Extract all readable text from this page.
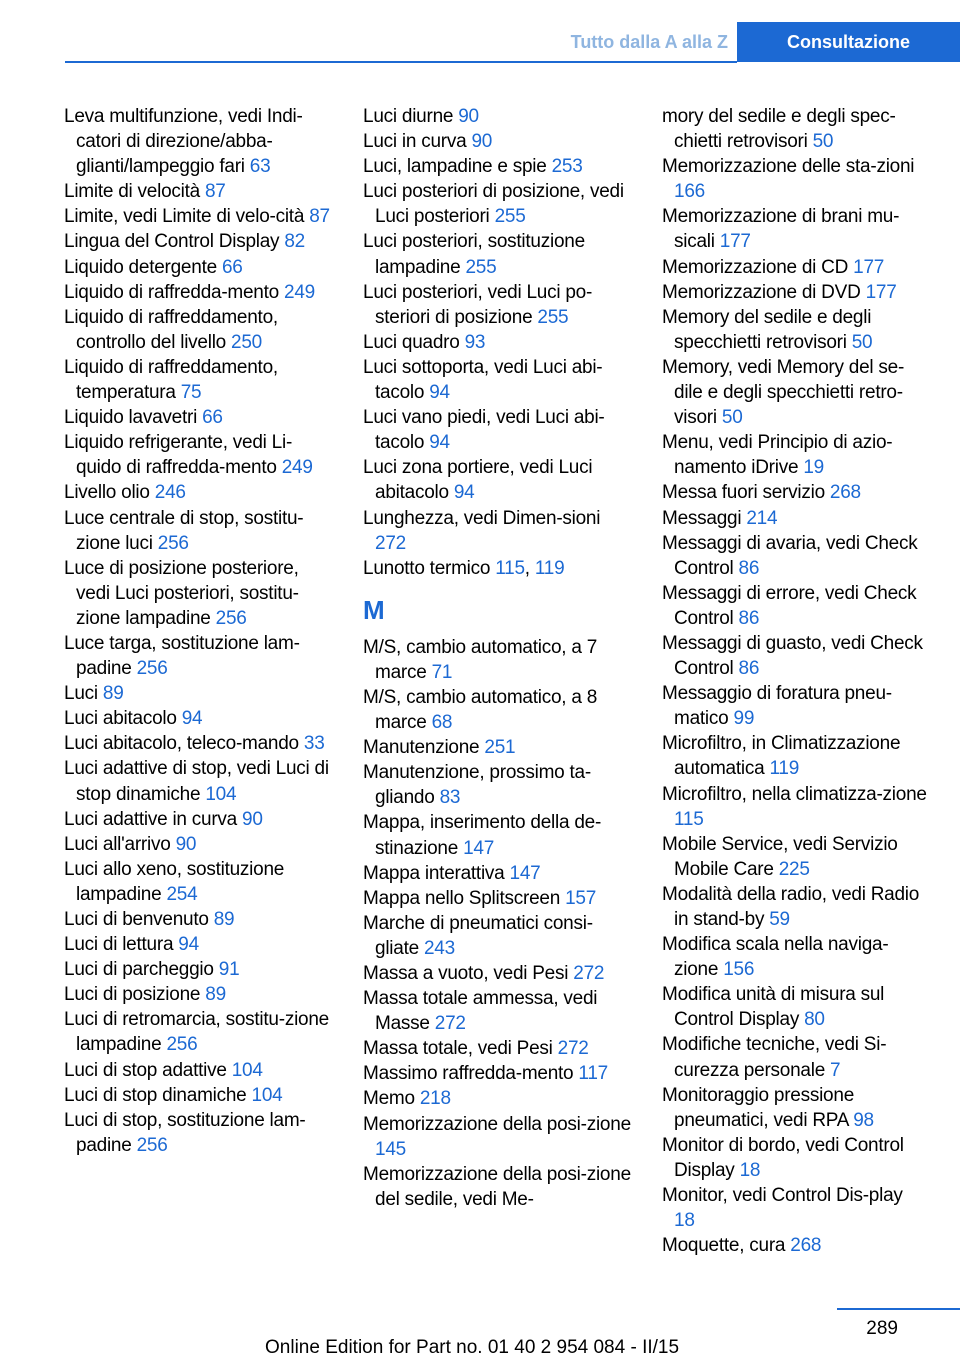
Tutto dalla A alla Z	Consultazione
Leva multifunzione, vedi Indi-catori di direzione/abba-glianti/lampeggio fari 63
Limite di velocità 87
Limite, vedi Limite di velo-cità 87
Lingua del Control Display 82
Liquido detergente 66
Liquido di raffredda-mento 249
Liquido di raffreddamento, controllo del livello 250
Liquido di raffreddamento, temperatura 75
Liquido lavavetri 66
Liquido refrigerante, vedi Li-quido di raffredda-mento 249
Livello olio 246
Luce centrale di stop, sostitu-zione luci 256
Luce di posizione posteriore, vedi Luci posteriori, sostitu-zione lampadine 256
Luce targa, sostituzione lam-padine 256
Luci 89
Luci abitacolo 94
Luci abitacolo, teleco-mando 33
Luci adattive di stop, vedi Luci di stop dinamiche 104
Luci adattive in curva 90
Luci all'arrivo 90
Luci allo xeno, sostituzione lampadine 254
Luci di benvenuto 89
Luci di lettura 94
Luci di parcheggio 91
Luci di posizione 89
Luci di retromarcia, sostitu-zione lampadine 256
Luci di stop adattive 104
Luci di stop dinamiche 104
Luci di stop, sostituzione lam-padine 256
Luci diurne 90
Luci in curva 90
Luci, lampadine e spie 253
Luci posteriori di posizione, vedi Luci posteriori 255
Luci posteriori, sostituzione lampadine 255
Luci posteriori, vedi Luci po-steriori di posizione 255
Luci quadro 93
Luci sottoporta, vedi Luci abi-tacolo 94
Luci vano piedi, vedi Luci abi-tacolo 94
Luci zona portiere, vedi Luci abitacolo 94
Lunghezza, vedi Dimen-sioni 272
Lunotto termico 115, 119
M
M/S, cambio automatico, a 7 marce 71
M/S, cambio automatico, a 8 marce 68
Manutenzione 251
Manutenzione, prossimo ta-gliando 83
Mappa, inserimento della de-stinazione 147
Mappa interattiva 147
Mappa nello Splitscreen 157
Marche di pneumatici consi-gliate 243
Massa a vuoto, vedi Pesi 272
Massa totale ammessa, vedi Masse 272
Massa totale, vedi Pesi 272
Massimo raffredda-mento 117
Memo 218
Memorizzazione della posi-zione 145
Memorizzazione della posi-zione del sedile, vedi Me-
mory del sedile e degli spec-chietti retrovisori 50
Memorizzazione delle sta-zioni 166
Memorizzazione di brani mu-sicali 177
Memorizzazione di CD 177
Memorizzazione di DVD 177
Memory del sedile e degli specchietti retrovisori 50
Memory, vedi Memory del se-dile e degli specchietti retro-visori 50
Menu, vedi Principio di azio-namento iDrive 19
Messa fuori servizio 268
Messaggi 214
Messaggi di avaria, vedi Check Control 86
Messaggi di errore, vedi Check Control 86
Messaggi di guasto, vedi Check Control 86
Messaggio di foratura pneu-matico 99
Microfiltro, in Climatizzazione automatica 119
Microfiltro, nella climatizza-zione 115
Mobile Service, vedi Servizio Mobile Care 225
Modalità della radio, vedi Radio in stand-by 59
Modifica scala nella naviga-zione 156
Modifica unità di misura sul Control Display 80
Modifiche tecniche, vedi Si-curezza personale 7
Monitoraggio pressione pneumatici, vedi RPA 98
Monitor di bordo, vedi Control Display 18
Monitor, vedi Control Dis-play 18
Moquette, cura 268
289
Online Edition for Part no. 01 40 2 954 084 - II/15
